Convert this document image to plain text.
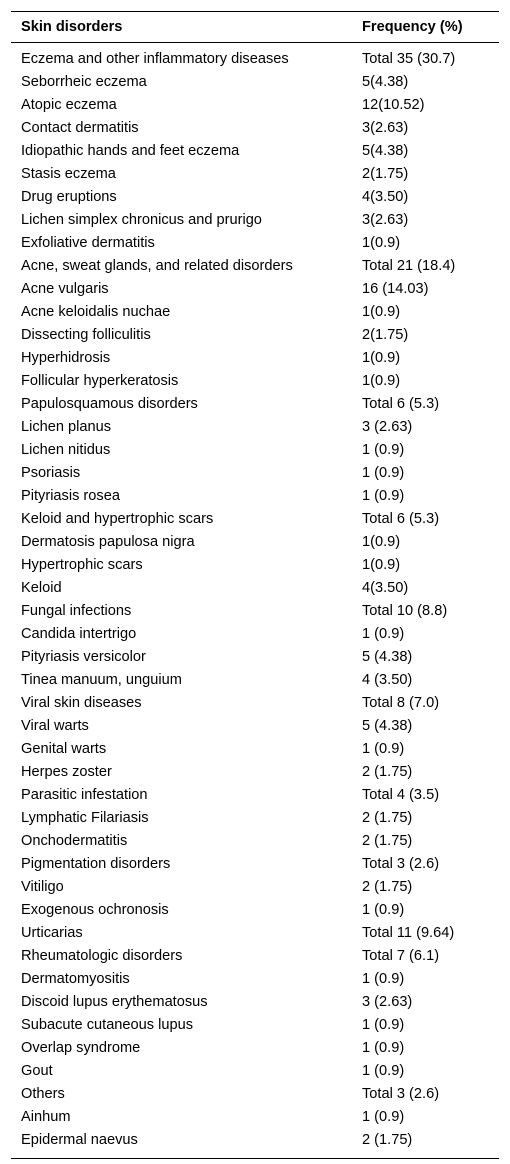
Skin disorders	Frequency (%)
Eczema and other inflammatory diseases	Total 35 (30.7)
Seborrheic eczema	5(4.38)
Atopic eczema	12(10.52)
Contact dermatitis	3(2.63)
Idiopathic hands and feet eczema	5(4.38)
Stasis eczema	2(1.75)
Drug eruptions	4(3.50)
Lichen simplex chronicus and prurigo	3(2.63)
Exfoliative dermatitis	1(0.9)
Acne, sweat glands, and related disorders	Total 21 (18.4)
Acne vulgaris	16 (14.03)
Acne keloidalis nuchae	1(0.9)
Dissecting folliculitis	2(1.75)
Hyperhidrosis	1(0.9)
Follicular hyperkeratosis	1(0.9)
Papulosquamous disorders	Total 6 (5.3)
Lichen planus	3 (2.63)
Lichen nitidus	1 (0.9)
Psoriasis	1 (0.9)
Pityriasis rosea	1 (0.9)
Keloid and hypertrophic scars	Total 6 (5.3)
Dermatosis papulosa nigra	1(0.9)
Hypertrophic scars	1(0.9)
Keloid	4(3.50)
Fungal infections	Total 10 (8.8)
Candida intertrigo	1 (0.9)
Pityriasis versicolor	5 (4.38)
Tinea manuum, unguium	4 (3.50)
Viral skin diseases	Total 8 (7.0)
Viral warts	5 (4.38)
Genital warts	1 (0.9)
Herpes zoster	2 (1.75)
Parasitic infestation	Total 4 (3.5)
Lymphatic Filariasis	2 (1.75)
Onchodermatitis	2 (1.75)
Pigmentation disorders	Total 3 (2.6)
Vitiligo	2 (1.75)
Exogenous ochronosis	1 (0.9)
Urticarias	Total 11 (9.64)
Rheumatologic disorders	Total 7 (6.1)
Dermatomyositis	1 (0.9)
Discoid lupus erythematosus	3 (2.63)
Subacute cutaneous lupus	1 (0.9)
Overlap syndrome	1 (0.9)
Gout	1 (0.9)
Others	Total 3 (2.6)
Ainhum	1 (0.9)
Epidermal naevus	2 (1.75)
